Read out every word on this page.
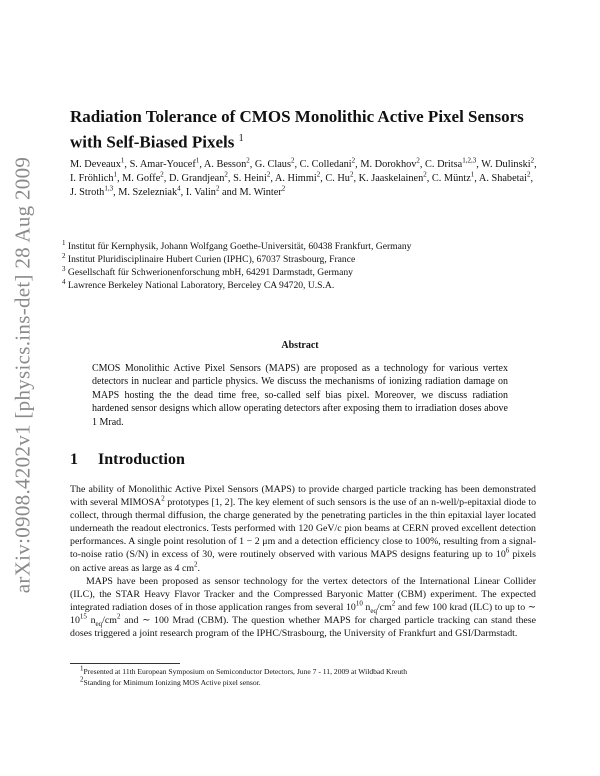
arXiv:0908.4202v1 [physics.ins-det] 28 Aug 2009
Radiation Tolerance of CMOS Monolithic Active Pixel Sensors
with Self-Biased Pixels $^1$
M. Deveaux$^1$, S. Amar-Youcef$^1$, A. Besson$^2$, G. Claus$^2$, C. Colledani$^2$, M. Dorokhov$^2$, C. Dritsa$^{1,2,3}$, W. Dulinski$^2$, I. Fröhlich$^1$, M. Goffe$^2$, D. Grandjean$^2$, S. Heini$^2$, A. Himmi$^2$, C. Hu$^2$, K. Jaaskelainen$^2$, C. Müntz$^1$, A. Shabetai$^2$, J. Stroth$^{1,3}$, M. Szelezniak$^4$, I. Valin$^2$ and M. Winter$^2$
$^1$ Institut für Kernphysik, Johann Wolfgang Goethe-Universität, 60438 Frankfurt, Germany
$^2$ Institut Pluridisciplinaire Hubert Curien (IPHC), 67037 Strasbourg, France
$^3$ Gesellschaft für Schwerionenforschung mbH, 64291 Darmstadt, Germany
$^4$ Lawrence Berkeley National Laboratory, Berceley CA 94720, U.S.A.
Abstract
CMOS Monolithic Active Pixel Sensors (MAPS) are proposed as a technology for various vertex detectors in nuclear and particle physics. We discuss the mechanisms of ionizing radiation damage on MAPS hosting the the dead time free, so-called self bias pixel. Moreover, we discuss radiation hardened sensor designs which allow operating detectors after exposing them to irradiation doses above 1 Mrad.
1 Introduction

The ability of Monolithic Active Pixel Sensors (MAPS) to provide charged particle tracking has been demonstrated with several MIMOSA$^2$ prototypes [1, 2]. The key element of such sensors is the use of an n-well/p-epitaxial diode to collect, through thermal diffusion, the charge generated by the penetrating particles in the thin epitaxial layer located underneath the readout electronics. Tests performed with 120 GeV/c pion beams at CERN proved excellent detection performances. A single point resolution of 1 − 2 μm and a detection efficiency close to 100%, resulting from a signal-to-noise ratio (S/N) in excess of 30, were routinely observed with various MAPS designs featuring up to $10^6$ pixels on active areas as large as 4 $cm^2$.

MAPS have been proposed as sensor technology for the vertex detectors of the International Linear Collider (ILC), the STAR Heavy Flavor Tracker and the Compressed Baryonic Matter (CBM) experiment. The expected integrated radiation doses of in those application ranges from several $10^{10}$ $n_{eq}/cm^2$ and few 100 krad (ILC) to up to ∼ $10^{15}$ $n_{eq}/cm^2$ and ∼ 100 Mrad (CBM). The question whether MAPS for charged particle tracking can stand these doses triggered a joint research program of the IPHC/Strasbourg, the University of Frankfurt and GSI/Darmstadt.

$^1$Presented at 11th European Symposium on Semiconductor Detectors, June 7 - 11, 2009 at Wildbad Kreuth
$^2$Standing for Minimum Ionizing MOS Active pixel sensor.
